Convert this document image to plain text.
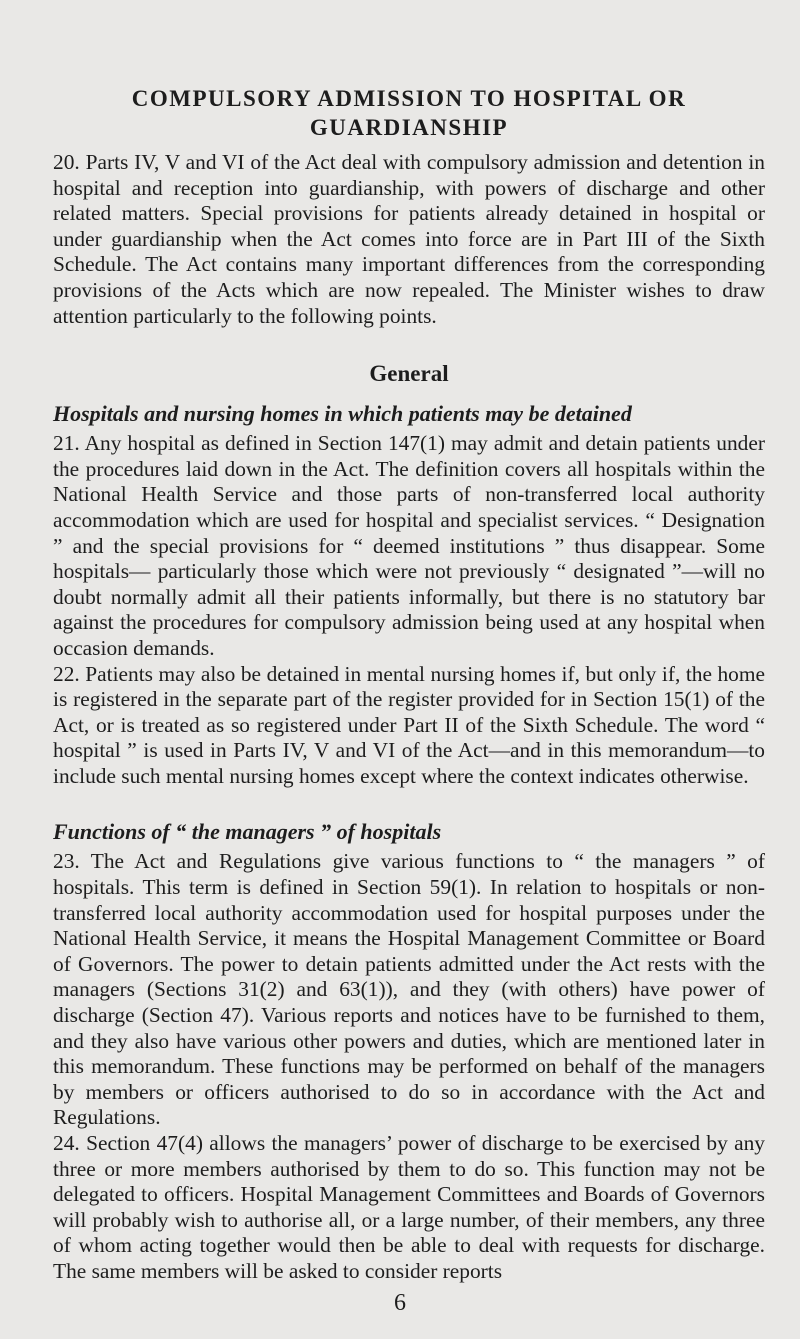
COMPULSORY ADMISSION TO HOSPITAL OR
GUARDIANSHIP

20. Parts IV, V and VI of the Act deal with compulsory admission and detention in hospital and reception into guardianship, with powers of discharge and other related matters. Special provisions for patients already detained in hospital or under guardianship when the Act comes into force are in Part III of the Sixth Schedule. The Act contains many important differences from the corresponding provisions of the Acts which are now repealed. The Minister wishes to draw attention particularly to the following points.

General
Hospitals and nursing homes in which patients may be detained

21. Any hospital as defined in Section 147(1) may admit and detain patients under the procedures laid down in the Act. The definition covers all hospitals within the National Health Service and those parts of non-transferred local authority accommodation which are used for hospital and specialist services. “ Designation ” and the special provisions for “ deemed institutions ” thus disappear. Some hospitals— particularly those which were not previously “ designated ”—will no doubt normally admit all their patients informally, but there is no statutory bar against the procedures for compulsory admission being used at any hospital when occasion demands.

22. Patients may also be detained in mental nursing homes if, but only if, the home is registered in the separate part of the register provided for in Section 15(1) of the Act, or is treated as so registered under Part II of the Sixth Schedule. The word “ hospital ” is used in Parts IV, V and VI of the Act—and in this memorandum—to include such mental nursing homes except where the context indicates otherwise.

Functions of “ the managers ” of hospitals

23. The Act and Regulations give various functions to “ the managers ” of hospitals. This term is defined in Section 59(1). In relation to hospitals or non-transferred local authority accommodation used for hospital purposes under the National Health Service, it means the Hospital Management Committee or Board of Governors. The power to detain patients admitted under the Act rests with the managers (Sections 31(2) and 63(1)), and they (with others) have power of discharge (Section 47). Various reports and notices have to be furnished to them, and they also have various other powers and duties, which are mentioned later in this memorandum. These functions may be performed on behalf of the managers by members or officers authorised to do so in accordance with the Act and Regulations.

24. Section 47(4) allows the managers’ power of discharge to be exercised by any three or more members authorised by them to do so. This function may not be delegated to officers. Hospital Management Committees and Boards of Governors will probably wish to authorise all, or a large number, of their members, any three of whom acting together would then be able to deal with requests for discharge. The same members will be asked to consider reports

6
